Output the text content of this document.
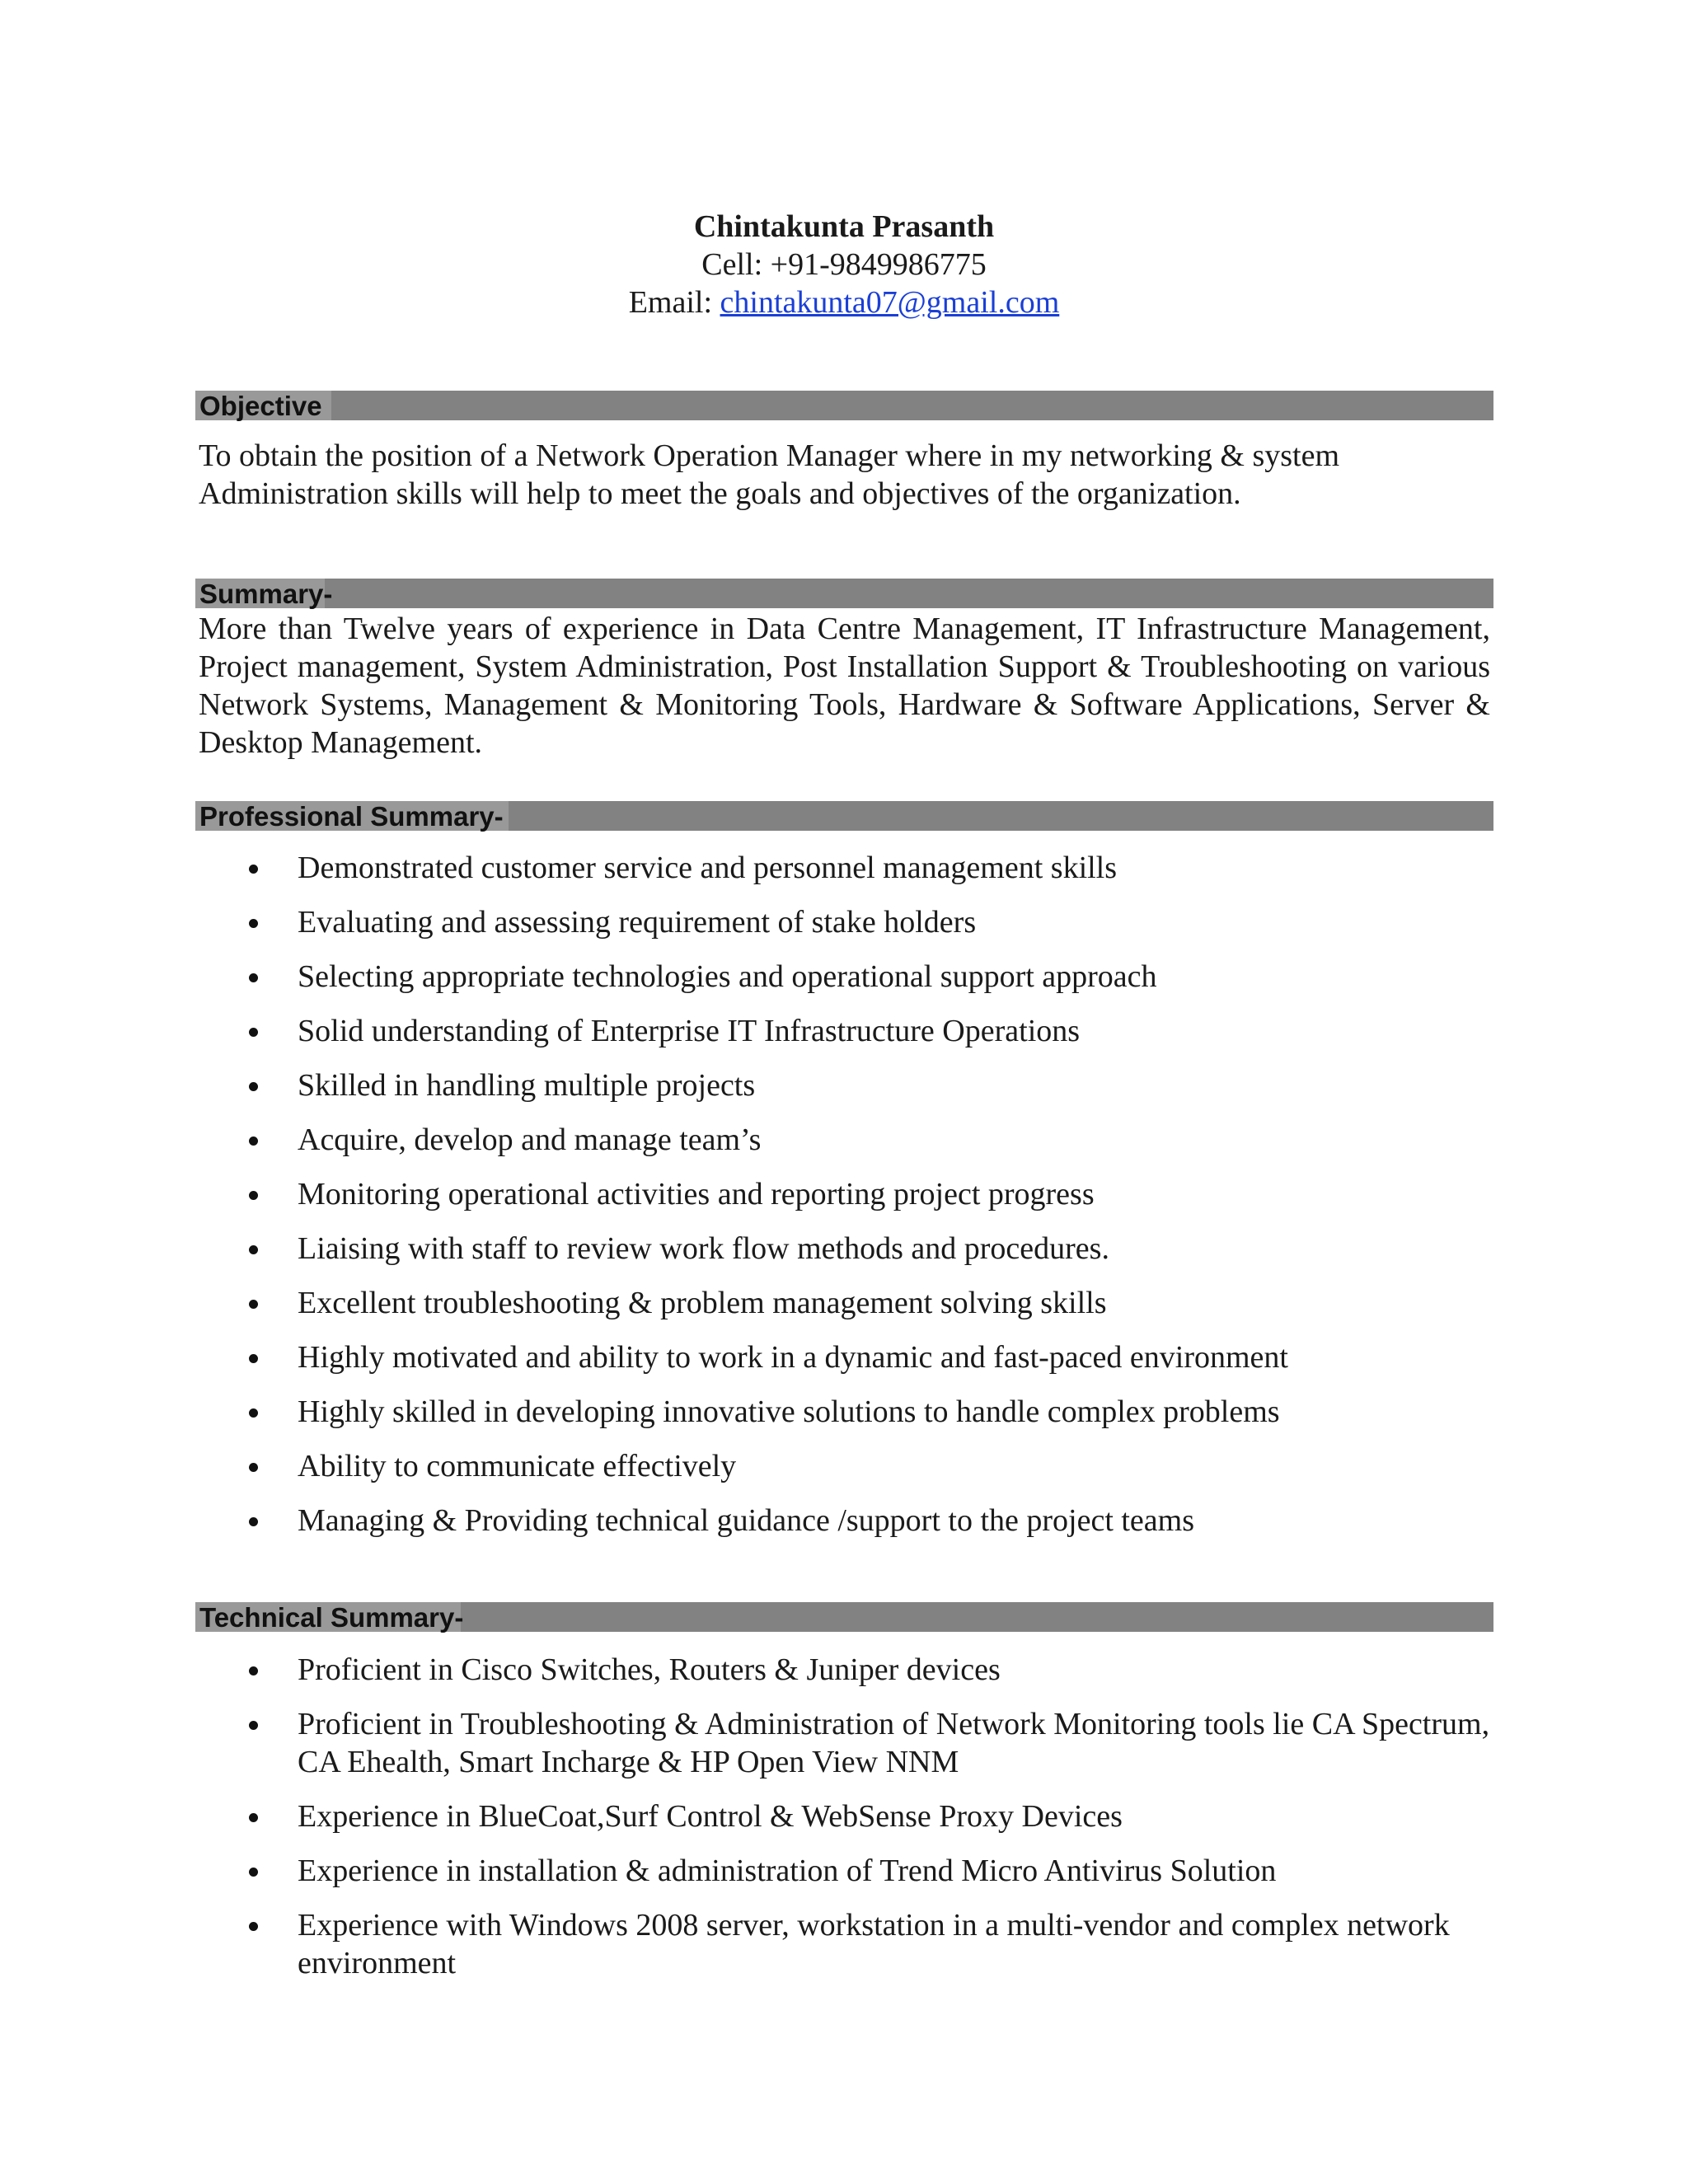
Chintakunta Prasanth
Cell: +91-9849986775
Email: chintakunta07@gmail.com
Objective
To obtain the position of a Network Operation Manager where in my networking & system Administration skills will help to meet the goals and objectives of the organization.
Summary-
More than Twelve years of experience in Data Centre Management, IT Infrastructure Management, Project management, System Administration, Post Installation Support & Troubleshooting on various Network Systems, Management & Monitoring Tools, Hardware & Software Applications, Server & Desktop Management.
Professional Summary-
Demonstrated customer service and personnel management skills
Evaluating and assessing requirement of stake holders
Selecting appropriate technologies and operational support approach
Solid understanding of Enterprise IT Infrastructure Operations
Skilled in handling multiple projects
Acquire, develop and manage team’s
Monitoring operational activities and reporting project progress
Liaising with staff to review work flow methods and procedures.
Excellent troubleshooting & problem management solving skills
Highly motivated and ability to work in a dynamic and fast-paced environment
Highly skilled in developing innovative solutions to handle complex problems
Ability to communicate effectively
Managing & Providing technical guidance /support to the project teams
Technical Summary-
Proficient in Cisco Switches, Routers & Juniper devices
Proficient in Troubleshooting & Administration of Network Monitoring tools lie CA Spectrum, CA Ehealth, Smart Incharge & HP Open View NNM
Experience in BlueCoat,Surf Control & WebSense Proxy Devices
Experience in installation & administration of Trend Micro Antivirus Solution
Experience with Windows 2008 server, workstation in a multi-vendor and complex network environment
